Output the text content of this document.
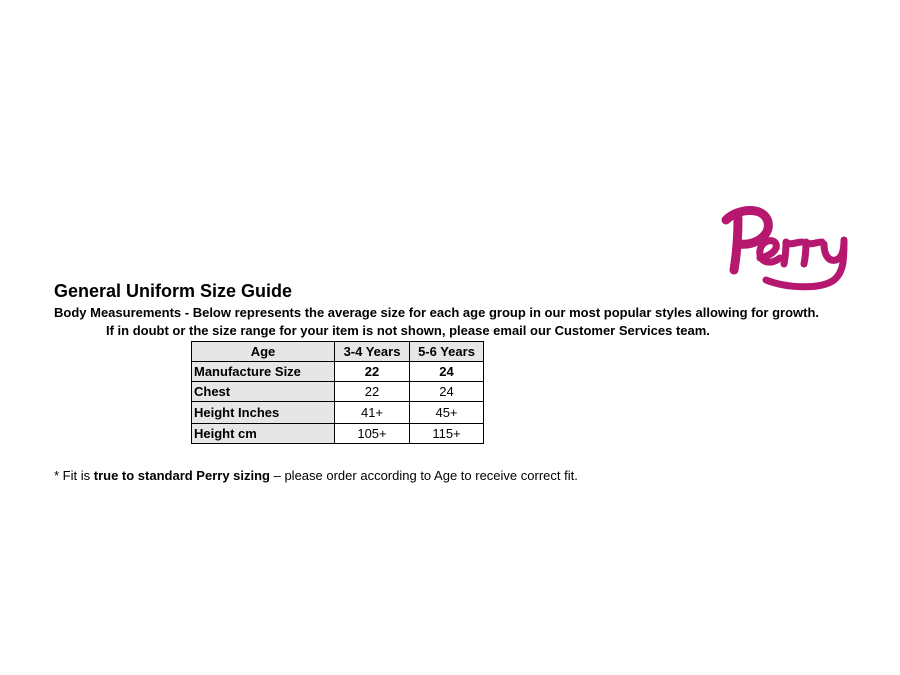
General Uniform Size Guide
Body Measurements - Below represents the average size for each age group in our most popular styles allowing for growth.
If in doubt or the size range for your item is not shown, please email our Customer Services team.
Age	3-4 Years	5-6 Years
Manufacture Size	22	24
Chest	22	24
Height Inches	41+	45+
Height cm	105+	115+
* Fit is true to standard Perry sizing – please order according to Age to receive correct fit.
